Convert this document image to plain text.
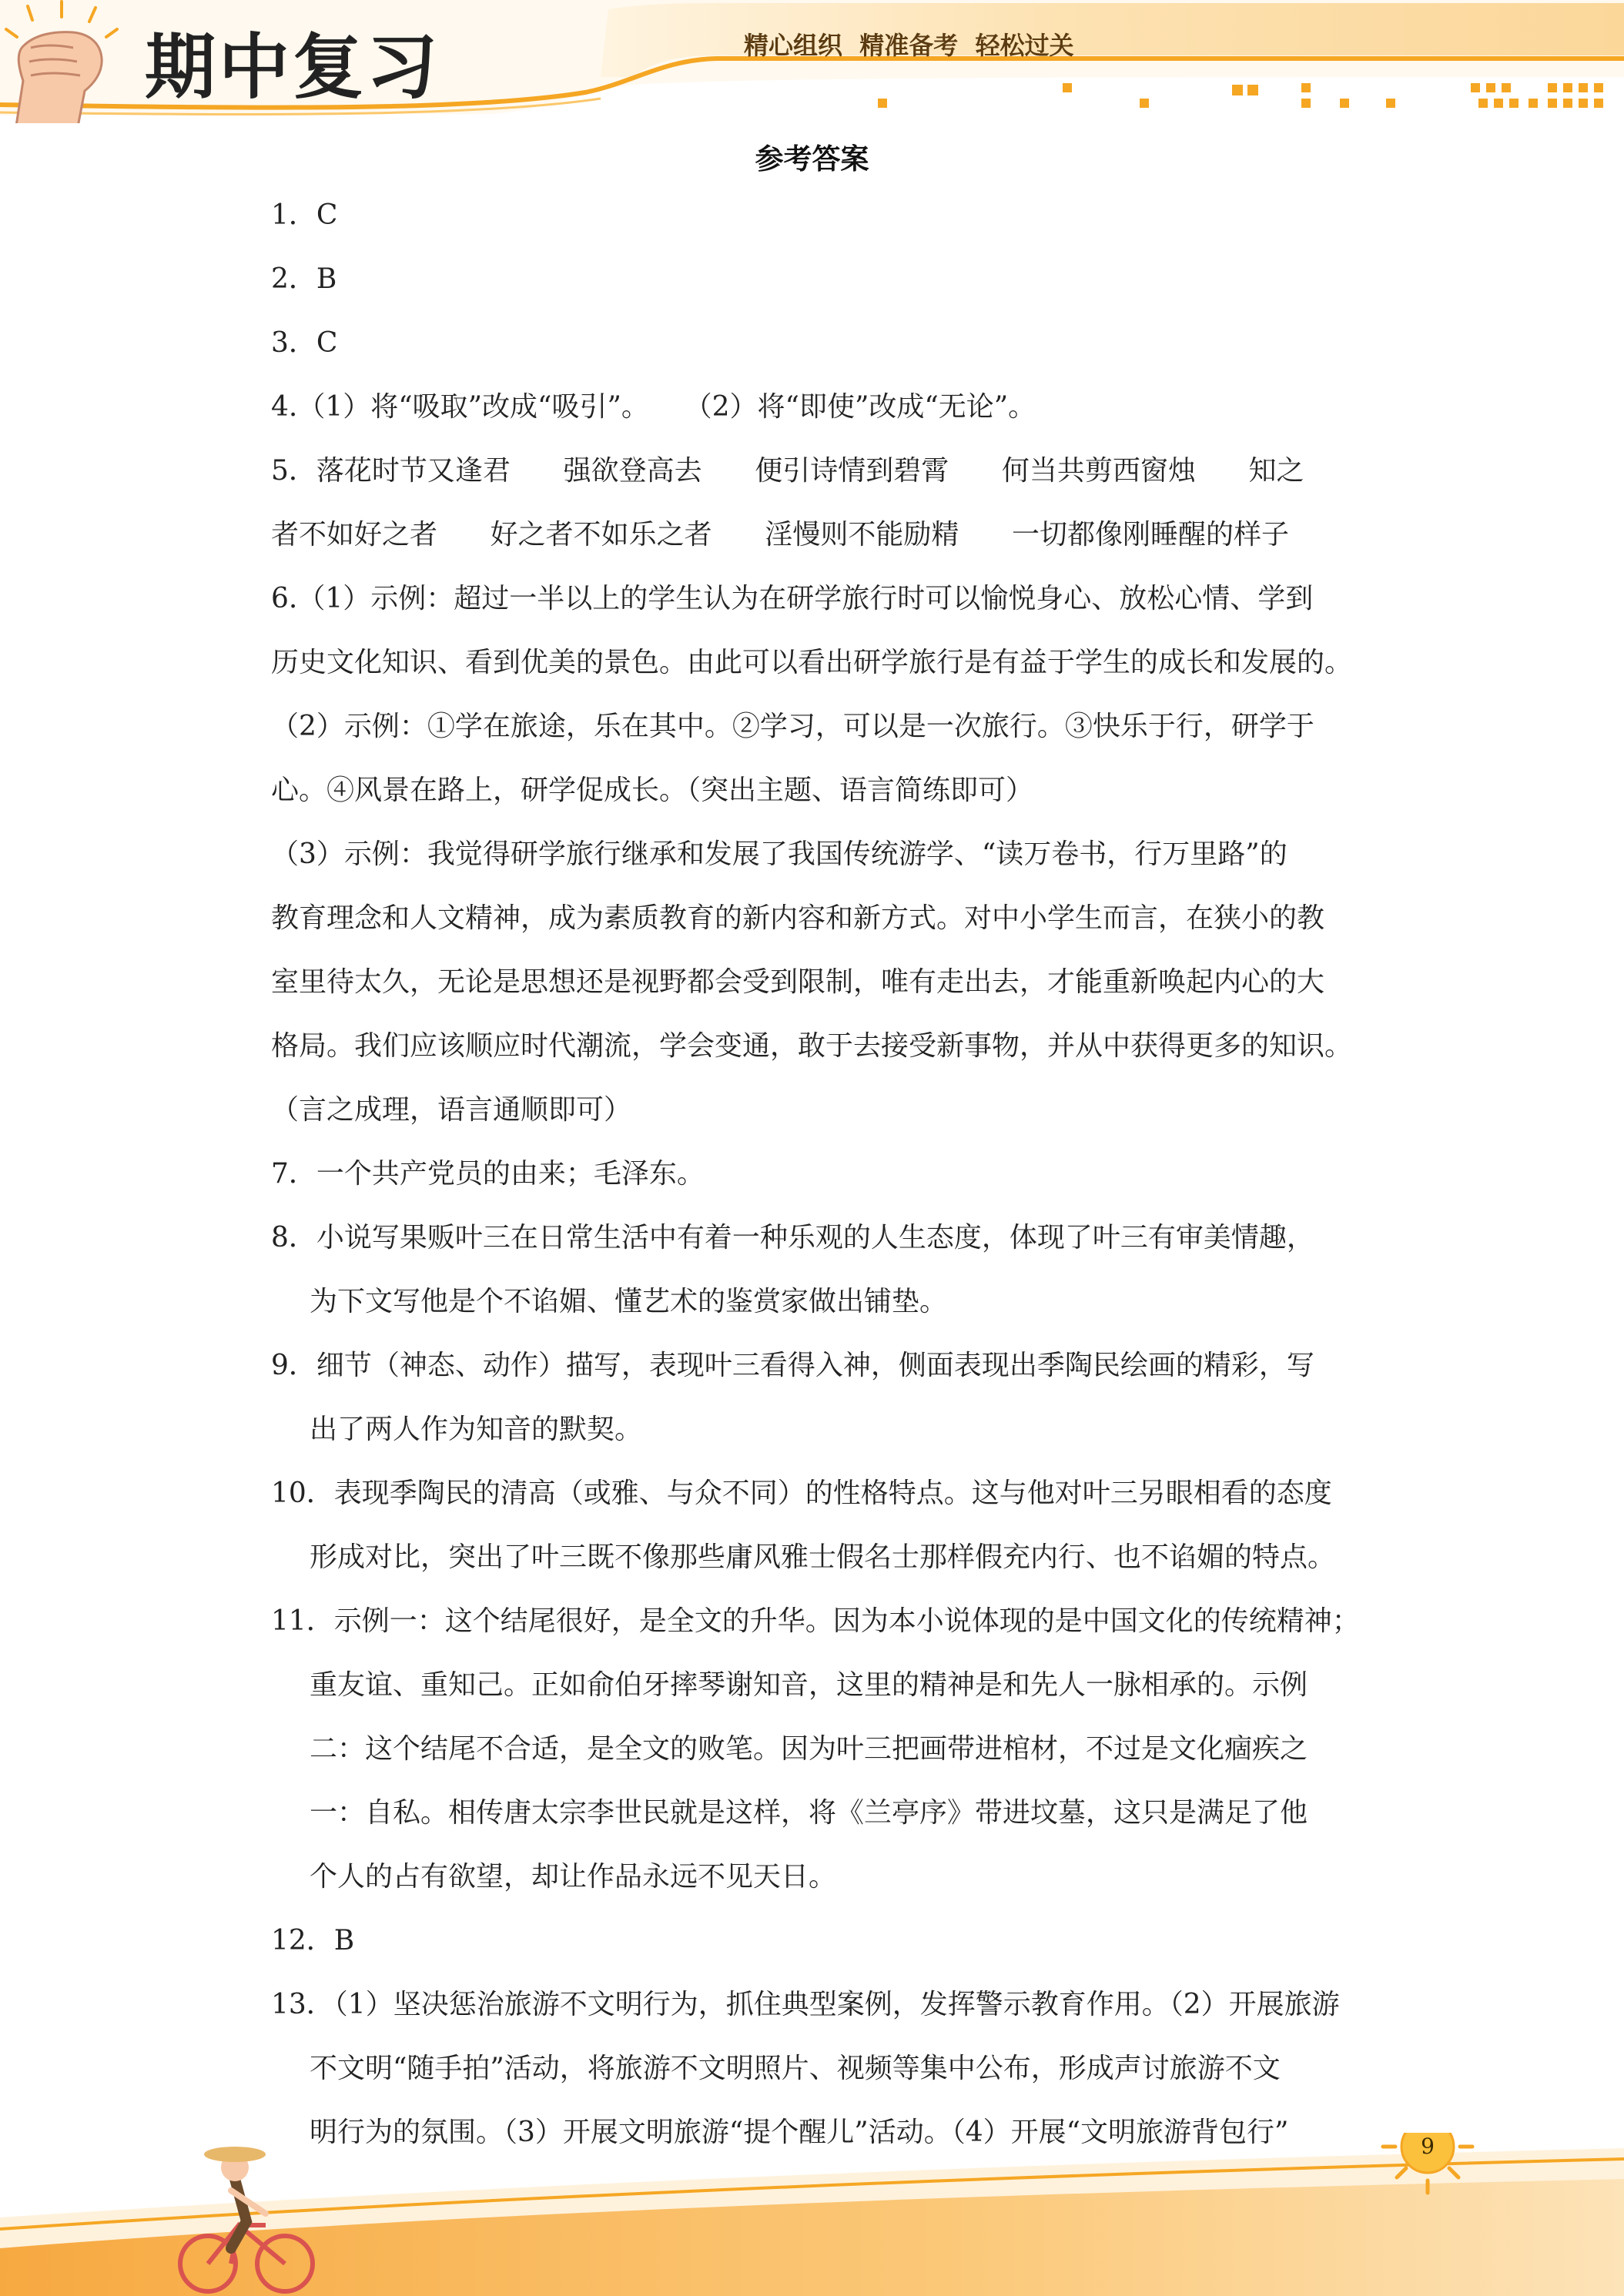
期中复习	精心组织  精准备考  轻松过关
参考答案
1．C
2．B
3．C
4.（1）将“吸取”改成“吸引”。    （2）将“即使”改成“无论”。
5．落花时节又逢君      强欲登高去      便引诗情到碧霄      何当共剪西窗烛      知之
者不如好之者      好之者不如乐之者      淫慢则不能励精      一切都像刚睡醒的样子
6.（1）示例：超过一半以上的学生认为在研学旅行时可以愉悦身心、放松心情、学到
历史文化知识、看到优美的景色。由此可以看出研学旅行是有益于学生的成长和发展的。
（2）示例：①学在旅途，乐在其中。②学习，可以是一次旅行。③快乐于行，研学于
心。④风景在路上，研学促成长。（突出主题、语言简练即可）
（3）示例：我觉得研学旅行继承和发展了我国传统游学、“读万卷书，行万里路”的
教育理念和人文精神，成为素质教育的新内容和新方式。对中小学生而言，在狭小的教
室里待太久，无论是思想还是视野都会受到限制，唯有走出去，才能重新唤起内心的大
格局。我们应该顺应时代潮流，学会变通，敢于去接受新事物，并从中获得更多的知识。
（言之成理，语言通顺即可）
7．一个共产党员的由来；毛泽东。
8．小说写果贩叶三在日常生活中有着一种乐观的人生态度，体现了叶三有审美情趣，
为下文写他是个不谄媚、懂艺术的鉴赏家做出铺垫。
9．细节（神态、动作）描写，表现叶三看得入神，侧面表现出季陶民绘画的精彩，写
出了两人作为知音的默契。
10．表现季陶民的清高（或雅、与众不同）的性格特点。这与他对叶三另眼相看的态度
形成对比，突出了叶三既不像那些庸风雅士假名士那样假充内行、也不谄媚的特点。
11．示例一：这个结尾很好，是全文的升华。因为本小说体现的是中国文化的传统精神；
重友谊、重知己。正如俞伯牙摔琴谢知音，这里的精神是和先人一脉相承的。示例
二：这个结尾不合适，是全文的败笔。因为叶三把画带进棺材，不过是文化痼疾之
一：自私。相传唐太宗李世民就是这样，将《兰亭序》带进坟墓，这只是满足了他
个人的占有欲望，却让作品永远不见天日。
12．B
13．（1）坚决惩治旅游不文明行为，抓住典型案例，发挥警示教育作用。（2）开展旅游
不文明“随手拍”活动，将旅游不文明照片、视频等集中公布，形成声讨旅游不文
明行为的氛围。（3）开展文明旅游“提个醒儿”活动。（4）开展“文明旅游背包行”	9
